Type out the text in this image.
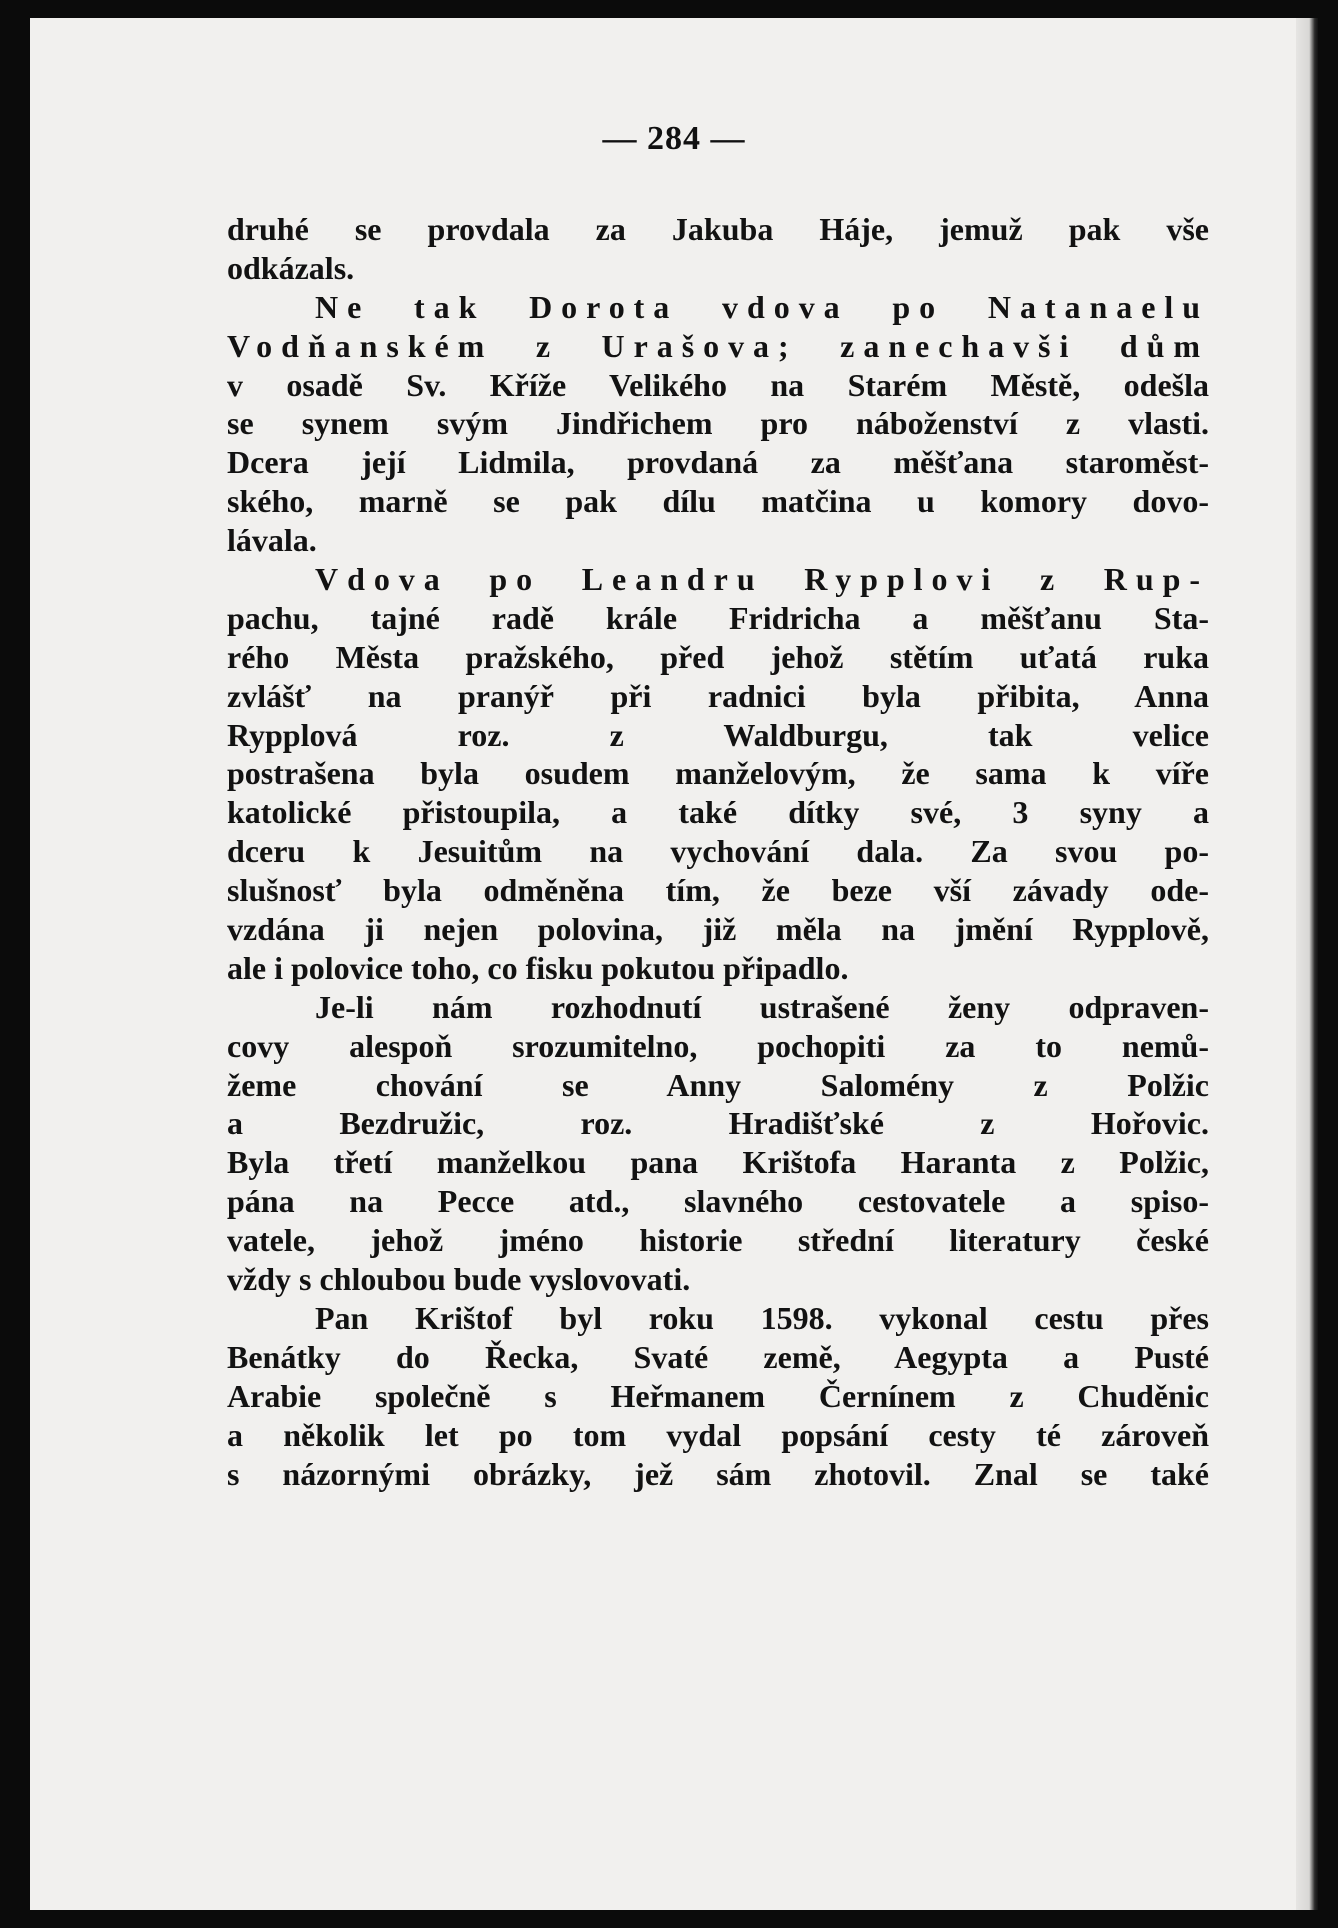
— 284 —
druhé se provdala za Jakuba Háje, jemuž pak vše
odkázals.
Ne tak Dorota vdova po Natanaelu
Vodňanském z Urašova; zanechavši dům
v osadě Sv. Kříže Velikého na Starém Městě, odešla
se synem svým Jindřichem pro náboženství z vlasti.
Dcera její Lidmila, provdaná za měšťana staroměst-
ského, marně se pak dílu matčina u komory dovo-
lávala.
Vdova po Leandru Rypplovi z Rup-
pachu, tajné radě krále Fridricha a měšťanu Sta-
rého Města pražského, před jehož stětím uťatá ruka
zvlášť na pranýř při radnici byla přibita, Anna
Rypplová roz. z Waldburgu, tak velice
postrašena byla osudem manželovým, že sama k víře
katolické přistoupila, a také dítky své, 3 syny a
dceru k Jesuitům na vychování dala. Za svou po-
slušnosť byla odměněna tím, že beze vší závady ode-
vzdána ji nejen polovina, již měla na jmění Rypplově,
ale i polovice toho, co fisku pokutou připadlo.
Je-li nám rozhodnutí ustrašené ženy odpraven-
covy alespoň srozumitelno, pochopiti za to nemů-
žeme chování se Anny Salomény z Polžic
a Bezdružic, roz. Hradišťské z Hořovic.
Byla třetí manželkou pana Krištofa Harantа z Polžic,
pána na Pecce atd., slavného cestovatele a spiso-
vatele, jehož jméno historie střední literatury české
vždy s chloubou bude vyslovovati.
Pan Krištof byl roku 1598. vykonal cestu přes
Benátky do Řecka, Svaté země, Aegypta a Pusté
Arabie společně s Heřmanem Černínem z Chuděnic
a několik let po tom vydal popsání cesty té zároveň
s názornými obrázky, jež sám zhotovil. Znal se také
